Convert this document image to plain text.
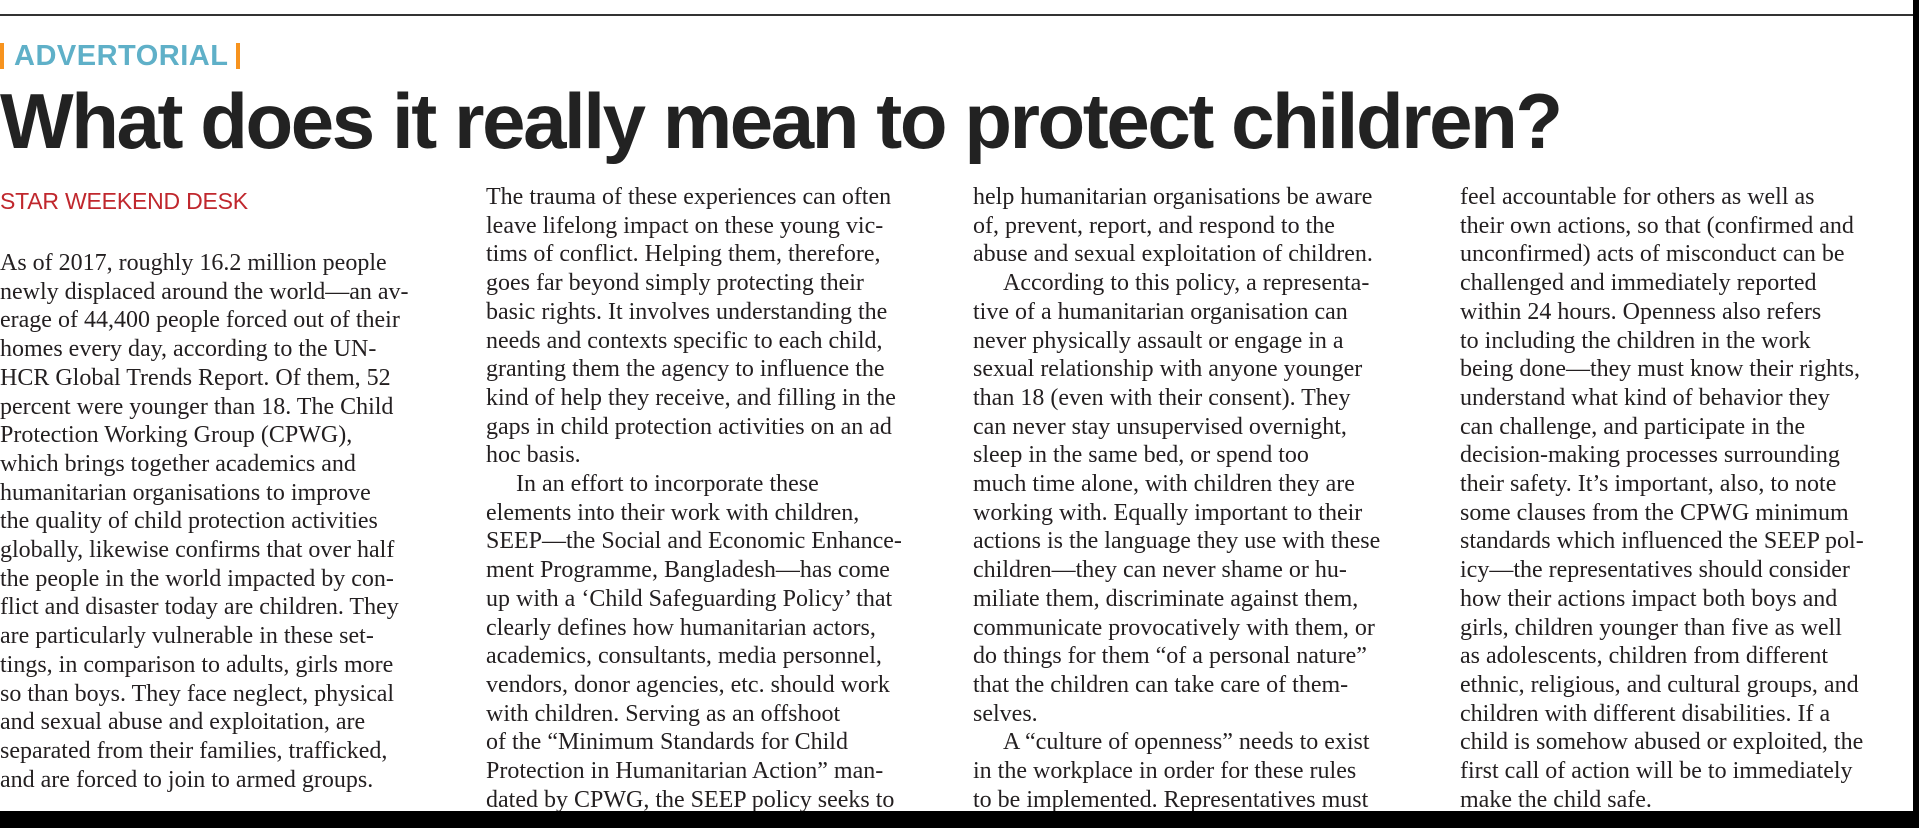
ADVERTORIAL
What does it really mean to protect children?
STAR WEEKEND DESK

As of 2017, roughly 16.2 million people
newly displaced around the world—an av-
erage of 44,400 people forced out of their
homes every day, according to the UN-
HCR Global Trends Report. Of them, 52
percent were younger than 18. The Child
Protection Working Group (CPWG),
which brings together academics and
humanitarian organisations to improve
the quality of child protection activities
globally, likewise confirms that over half
the people in the world impacted by con-
flict and disaster today are children. They
are particularly vulnerable in these set-
tings, in comparison to adults, girls more
so than boys. They face neglect, physical
and sexual abuse and exploitation, are
separated from their families, trafficked,
and are forced to join to armed groups.

The trauma of these experiences can often
leave lifelong impact on these young vic-
tims of conflict. Helping them, therefore,
goes far beyond simply protecting their
basic rights. It involves understanding the
needs and contexts specific to each child,
granting them the agency to influence the
kind of help they receive, and filling in the
gaps in child protection activities on an ad
hoc basis.

In an effort to incorporate these
elements into their work with children,
SEEP—the Social and Economic Enhance-
ment Programme, Bangladesh—has come
up with a ‘Child Safeguarding Policy’ that
clearly defines how humanitarian actors,
academics, consultants, media personnel,
vendors, donor agencies, etc. should work
with children. Serving as an offshoot
of the “Minimum Standards for Child
Protection in Humanitarian Action” man-
dated by CPWG, the SEEP policy seeks to

help humanitarian organisations be aware
of, prevent, report, and respond to the
abuse and sexual exploitation of children.

According to this policy, a representa-
tive of a humanitarian organisation can
never physically assault or engage in a
sexual relationship with anyone younger
than 18 (even with their consent). They
can never stay unsupervised overnight,
sleep in the same bed, or spend too
much time alone, with children they are
working with. Equally important to their
actions is the language they use with these
children—they can never shame or hu-
miliate them, discriminate against them,
communicate provocatively with them, or
do things for them “of a personal nature”
that the children can take care of them-
selves.

A “culture of openness” needs to exist
in the workplace in order for these rules
to be implemented. Representatives must

feel accountable for others as well as
their own actions, so that (confirmed and
unconfirmed) acts of misconduct can be
challenged and immediately reported
within 24 hours. Openness also refers
to including the children in the work
being done—they must know their rights,
understand what kind of behavior they
can challenge, and participate in the
decision-making processes surrounding
their safety. It’s important, also, to note
some clauses from the CPWG minimum
standards which influenced the SEEP pol-
icy—the representatives should consider
how their actions impact both boys and
girls, children younger than five as well
as adolescents, children from different
ethnic, religious, and cultural groups, and
children with different disabilities. If a
child is somehow abused or exploited, the
first call of action will be to immediately
make the child safe.
